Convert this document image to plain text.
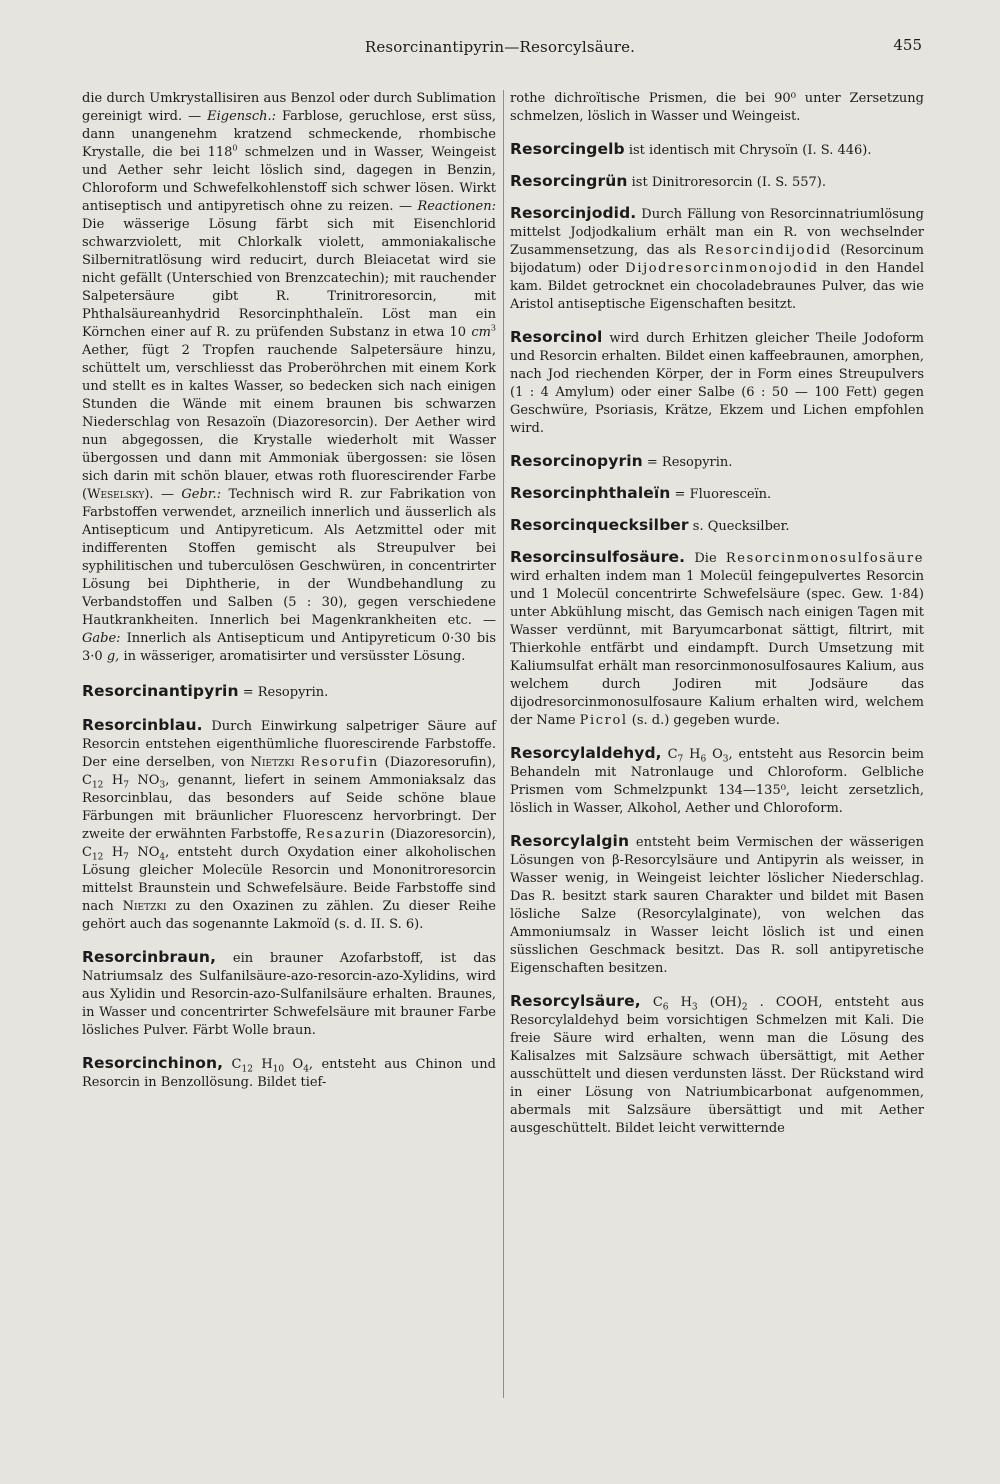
Resorcinantipyrin—Resorcylsäure.	455

die durch Umkrystallisiren aus Benzol oder durch Sublimation gereinigt wird. — Eigensch.: Farblose, geruchlose, erst süss, dann unangenehm kratzend schmeckende, rhombische Krystalle, die bei $118^0$ schmelzen und in Wasser, Weingeist und Aether sehr leicht löslich sind, dagegen in Benzin, Chloroform und Schwefelkohlenstoff sich schwer lösen. Wirkt antiseptisch und antipyretisch ohne zu reizen. — Reactionen: Die wässerige Lösung färbt sich mit Eisenchlorid schwarzviolett, mit Chlorkalk violett, ammoniakalische Silbernitratlösung wird reducirt, durch Bleiacetat wird sie nicht gefällt (Unterschied von Brenzcatechin); mit rauchender Salpetersäure gibt R. Trinitroresorcin, mit Phthalsäureanhydrid Resorcinphthaleïn. Löst man ein Körnchen einer auf R. zu prüfenden Substanz in etwa 10 $cm^3$ Aether, fügt 2 Tropfen rauchende Salpetersäure hinzu, schüttelt um, verschliesst das Proberöhrchen mit einem Kork und stellt es in kaltes Wasser, so bedecken sich nach einigen Stunden die Wände mit einem braunen bis schwarzen Niederschlag von Resazoïn (Diazoresorcin). Der Aether wird nun abgegossen, die Krystalle wiederholt mit Wasser übergossen und dann mit Ammoniak übergossen: sie lösen sich darin mit schön blauer, etwas roth fluorescirender Farbe (Weselsky). — Gebr.: Technisch wird R. zur Fabrikation von Farbstoffen verwendet, arzneilich innerlich und äusserlich als Antisepticum und Antipyreticum. Als Aetzmittel oder mit indifferenten Stoffen gemischt als Streupulver bei syphilitischen und tuberculösen Geschwüren, in concentrirter Lösung bei Diphtherie, in der Wundbehandlung zu Verbandstoffen und Salben (5 : 30), gegen verschiedene Hautkrankheiten. Innerlich bei Magenkrankheiten etc. — Gabe: Innerlich als Antisepticum und Antipyreticum 0·30 bis 3·0 g, in wässeriger, aromatisirter und versüsster Lösung.

Resorcinantipyrin = Resopyrin.

Resorcinblau. Durch Einwirkung salpetriger Säure auf Resorcin entstehen eigenthümliche fluorescirende Farbstoffe. Der eine derselben, von Nietzki Resorufin (Diazoresorufin), $C_{12}$ $H_7$ $NO_3$, genannt, liefert in seinem Ammoniaksalz das Resorcinblau, das besonders auf Seide schöne blaue Färbungen mit bräunlicher Fluorescenz hervorbringt. Der zweite der erwähnten Farbstoffe, Resazurin (Diazoresorcin), $C_{12}$ $H_7$ $NO_4$, entsteht durch Oxydation einer alkoholischen Lösung gleicher Molecüle Resorcin und Mononitroresorcin mittelst Braunstein und Schwefelsäure. Beide Farbstoffe sind nach Nietzki zu den Oxazinen zu zählen. Zu dieser Reihe gehört auch das sogenannte Lakmoïd (s. d. II. S. 6).

Resorcinbraun, ein brauner Azofarbstoff, ist das Natriumsalz des Sulfanilsäure-azo-resorcin-azo-Xylidins, wird aus Xylidin und Resorcin-azo-Sulfanilsäure erhalten. Braunes, in Wasser und concentrirter Schwefelsäure mit brauner Farbe lösliches Pulver. Färbt Wolle braun.

Resorcinchinon, $C_{12}$ $H_{10}$ $O_4$, entsteht aus Chinon und Resorcin in Benzollösung. Bildet tief-

rothe dichroïtische Prismen, die bei 90⁰ unter Zersetzung schmelzen, löslich in Wasser und Weingeist.

Resorcingelb ist identisch mit Chrysoïn (I. S. 446).

Resorcingrün ist Dinitroresorcin (I. S. 557).

Resorcinjodid. Durch Fällung von Resorcinnatriumlösung mittelst Jodjodkalium erhält man ein R. von wechselnder Zusammensetzung, das als Resorcindijodid (Resorcinum bijodatum) oder Dijodresorcinmonojodid in den Handel kam. Bildet getrocknet ein chocoladebraunes Pulver, das wie Aristol antiseptische Eigenschaften besitzt.

Resorcinol wird durch Erhitzen gleicher Theile Jodoform und Resorcin erhalten. Bildet einen kaffeebraunen, amorphen, nach Jod riechenden Körper, der in Form eines Streupulvers (1 : 4 Amylum) oder einer Salbe (6 : 50 — 100 Fett) gegen Geschwüre, Psoriasis, Krätze, Ekzem und Lichen empfohlen wird.

Resorcinopyrin = Resopyrin.

Resorcinphthaleïn = Fluoresceïn.

Resorcinquecksilber s. Quecksilber.

Resorcinsulfosäure. Die Resorcinmonosulfosäure wird erhalten indem man 1 Molecül feingepulvertes Resorcin und 1 Molecül concentrirte Schwefelsäure (spec. Gew. 1·84) unter Abkühlung mischt, das Gemisch nach einigen Tagen mit Wasser verdünnt, mit Baryumcarbonat sättigt, filtrirt, mit Thierkohle entfärbt und eindampft. Durch Umsetzung mit Kaliumsulfat erhält man resorcinmonosulfosaures Kalium, aus welchem durch Jodiren mit Jodsäure das dijodresorcinmonosulfosaure Kalium erhalten wird, welchem der Name Picrol (s. d.) gegeben wurde.

Resorcylaldehyd, $C_7$ $H_6$ $O_3$, entsteht aus Resorcin beim Behandeln mit Natronlauge und Chloroform. Gelbliche Prismen vom Schmelzpunkt 134—135⁰, leicht zersetzlich, löslich in Wasser, Alkohol, Aether und Chloroform.

Resorcylalgin entsteht beim Vermischen der wässerigen Lösungen von β-Resorcylsäure und Antipyrin als weisser, in Wasser wenig, in Weingeist leichter löslicher Niederschlag. Das R. besitzt stark sauren Charakter und bildet mit Basen lösliche Salze (Resorcylalginate), von welchen das Ammoniumsalz in Wasser leicht löslich ist und einen süsslichen Geschmack besitzt. Das R. soll antipyretische Eigenschaften besitzen.

Resorcylsäure, $C_6$ $H_3$ $(OH)_2$ . COOH, entsteht aus Resorcylaldehyd beim vorsichtigen Schmelzen mit Kali. Die freie Säure wird erhalten, wenn man die Lösung des Kalisalzes mit Salzsäure schwach übersättigt, mit Aether ausschüttelt und diesen verdunsten lässt. Der Rückstand wird in einer Lösung von Natriumbicarbonat aufgenommen, abermals mit Salzsäure übersättigt und mit Aether ausgeschüttelt. Bildet leicht verwitternde
